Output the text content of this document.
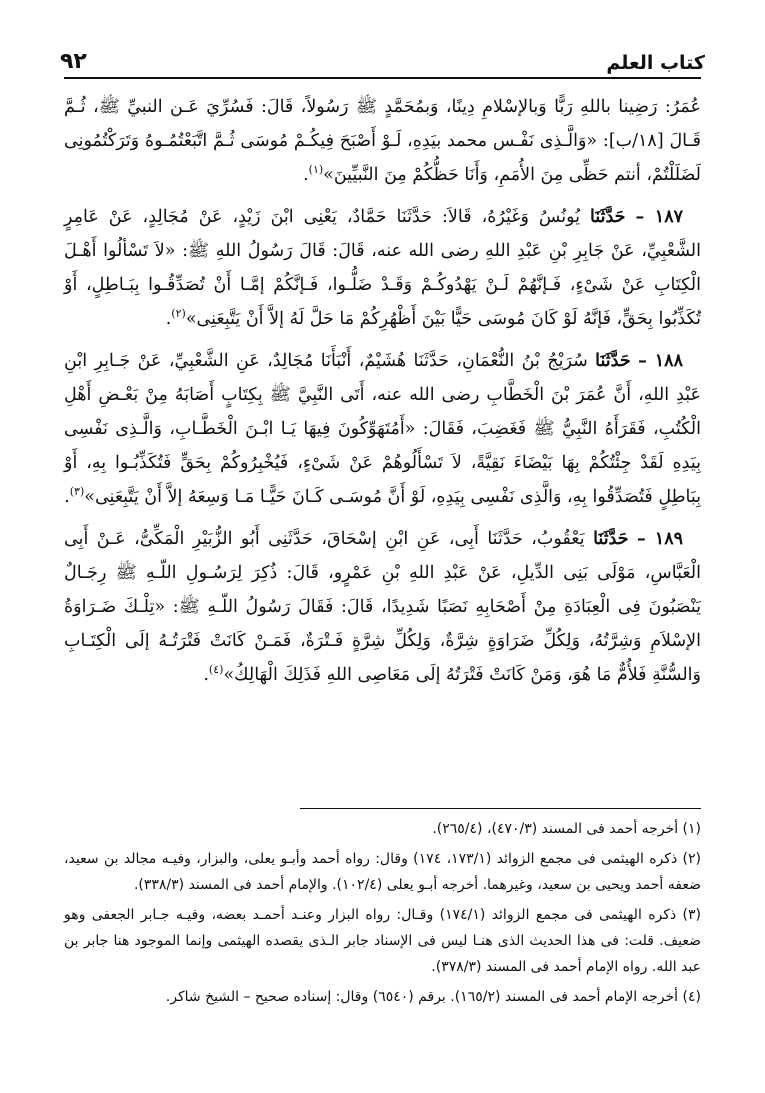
كتاب العلم
٩٢

عُمَرُ: رَضِينا باللهِ رَبًّا وَبالإسْلامِ دِينًا، وَبمُحَمَّدٍ ﷺ رَسُولاً، قَالَ: فَسُرِّيَ عَـن النبيِّ ﷺ، ثُـمَّ قَـالَ [١٨/ب]: «وَالَّـذِى نَفْـس محمد بيَدِهِ، لَـوْ أَصْبَحَ فِيكُـمْ مُوسَى ثُـمَّ اتَّبَعْتُمُـوهُ وَتَرَكْتُمُونِى لَضَلَلْتُمْ، أنتم حَظِّى مِنَ الأُمَمِ، وَأَنَا حَظُّكُمْ مِنَ النَّبيِّينَ»$^{(١)}$.

١٨٧ – حَدَّثَنَا يُونُسُ وَغَيْرُهُ، قَالاَ: حَدَّثَنَا حَمَّادٌ، يَعْنِى ابْنَ زَيْدٍ، عَنْ مُجَالِدٍ، عَنْ عَامِرٍ الشَّعْبِيِّ، عَنْ جَابِرِ بْنِ عَبْدِ اللهِ رضى الله عنه، قَالَ: قَالَ رَسُولُ اللهِ ﷺ: «لاَ تَسْألُوا أَهْـلَ الْكِتَابِ عَنْ شَىْءٍ، فَـإنَّهُمْ لَـنْ يَهْدُوكُـمْ وَقَـدْ ضَلُّـوا، فَـإنَّكُمْ إمَّـا أَنْ تُصَدِّقُـوا بِبَـاطِلٍ، أَوْ تُكَذِّبُوا بِحَقٍّ، فَإنَّهُ لَوْ كَانَ مُوسَى حَيًّا بَيْنَ أَظْهُرِكُمْ مَا حَلَّ لَهُ إلاَّ أَنْ يَتَّبِعَنِى»$^{(٢)}$.

١٨٨ – حَدَّثَنَا سُرَيْجُ بْنُ النُّعْمَانِ، حَدَّثَنَا هُشَيْمٌ، أَنْبَأَنَا مُجَالِدٌ، عَنِ الشَّعْبِيِّ، عَنْ جَـابِرِ ابْنِ عَبْدِ اللهِ، أَنَّ عُمَرَ بْنَ الْخَطَّابِ رضى الله عنه، أَتَى النَّبِيَّ ﷺ بِكِتَابٍ أَصَابَهُ مِنْ بَعْـضِ أَهْلِ الْكُتُبِ، فَقَرَأَهُ النَّبِيُّ ﷺ فَغَضِبَ، فَقَالَ: «أَمُتَهَوِّكُونَ فِيهَا يَـا ابْـنَ الْخَطَّـابِ، وَالَّـذِى نَفْسِى بِيَدِهِ لَقَدْ جِئْتُكُمْ بِهَا بَيْضَاءَ نَقِيَّةً، لاَ تَسْأَلُوهُمْ عَنْ شَىْءٍ، فَيُخْبِرُوكُمْ بِحَقٍّ فَتُكَذِّبُـوا بِهِ، أَوْ بِبَاطِلٍ فَتُصَدِّقُوا بِهِ، وَالَّذِى نَفْسِى بِيَدِهِ، لَوْ أَنَّ مُوسَـى كَـانَ حَيًّـا مَـا وَسِعَهُ إلاَّ أَنْ يَتَّبِعَنِى»$^{(٣)}$.

١٨٩ – حَدَّثَنَا يَعْقُوبُ، حَدَّثَنَا أَبِى، عَنِ ابْنِ إسْحَاقَ، حَدَّثَنِى أَبُو الزُّبَيْرِ الْمَكِّىُّ، عَـنْ أَبِى الْعَبَّاسِ، مَوْلَى بَنِى الدِّيلِ، عَنْ عَبْدِ اللهِ بْنِ عَمْرٍو، قَالَ: ذُكِرَ لِرَسُـولِ اللّـهِ ﷺ رِجَـالٌ يَنْصَبُونَ فِى الْعِبَادَةِ مِنْ أَصْحَابِهِ نَصَبًا شَدِيدًا، قَالَ: فَقَالَ رَسُولُ اللّـهِ ﷺ: «تِلْـكَ ضَـرَاوَةُ الإسْلاَمِ وَشِرَّتُهُ، وَلِكُلِّ ضَرَاوَةٍ شِرَّةٌ، وَلِكُلِّ شِرَّةٍ فَـتْرَةٌ، فَمَـنْ كَانَتْ فَتْرَتُـهُ إلَى الْكِتَـابِ وَالسُّنَّةِ فَلأُمٌّ مَا هُوَ، وَمَنْ كَانَتْ فَتْرَتُهُ إلَى مَعَاصِى اللهِ فَذَلِكَ الْهَالِكُ»$^{(٤)}$.

(١) أخرجه أحمد فى المسند (٤٧٠/٣)، (٢٦٥/٤).
(٢) ذكره الهيثمى فى مجمع الزوائد (١٧٣/١، ١٧٤) وقال: رواه أحمد وأبـو يعلى، والبزار، وفيـه مجالد بن سعيد، ضعفه أحمد ويحيى بن سعيد، وغيرهما. أخرجه أبـو يعلى (١٠٢/٤). والإمام أحمد فى المسند (٣٣٨/٣).
(٣) ذكره الهيثمى فى مجمع الزوائد (١٧٤/١) وقـال: رواه البزار وعنـد أحمـد بعضه، وفيـه جـابر الجعفى وهو ضعيف. قلت: فى هذا الحديث الذى هنـا ليس فى الإسناد جابر الـذى يقصده الهيثمى وإنما الموجود هنا جابر بن عبد الله. رواه الإمام أحمد فى المسند (٣٧٨/٣).
(٤) أخرجه الإمام أحمد فى المسند (١٦٥/٢). برقم (٦٥٤٠) وقال: إسناده صحيح – الشيخ شاكر.
